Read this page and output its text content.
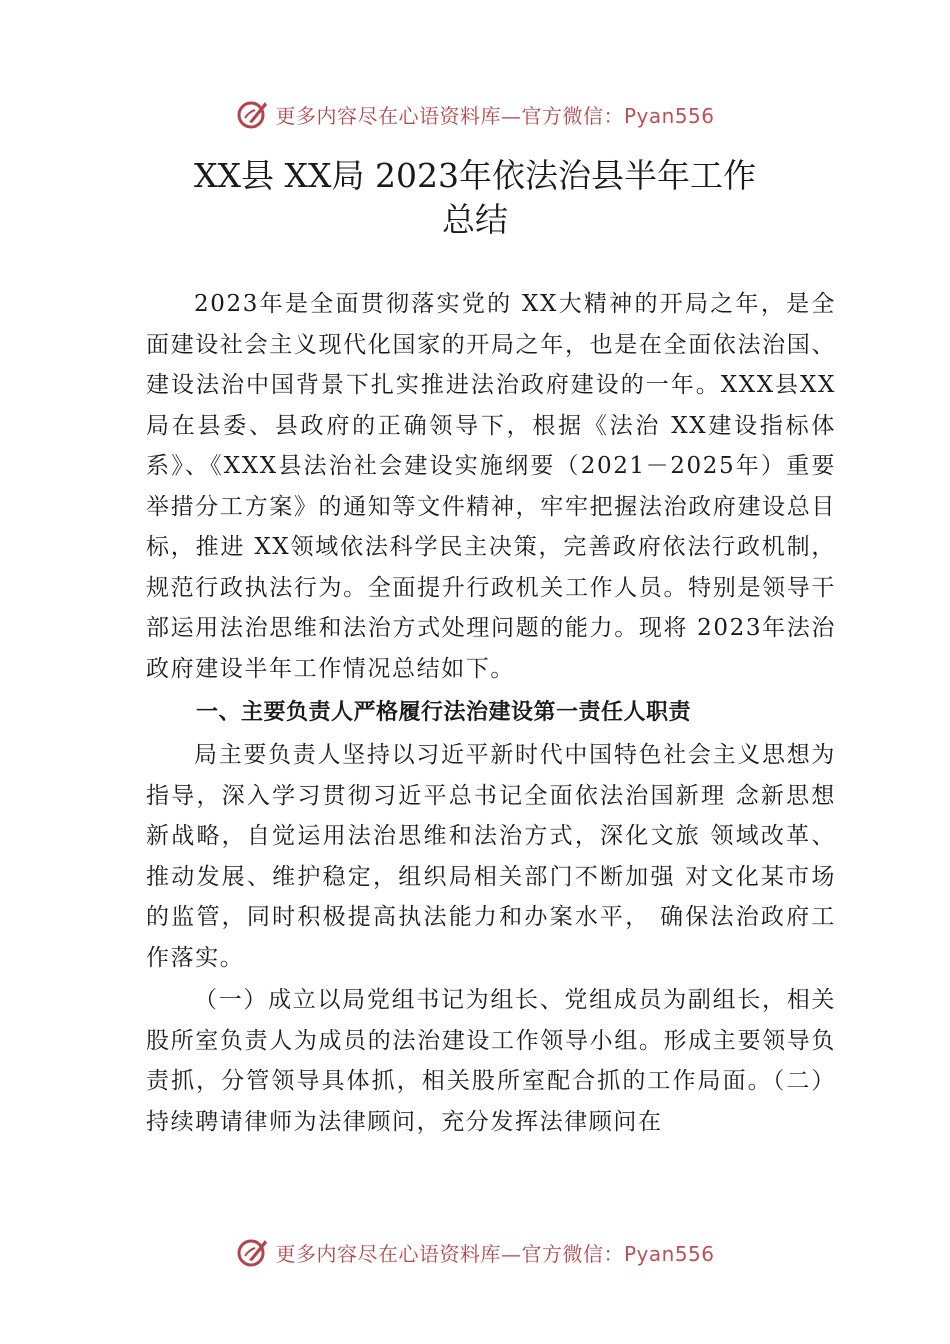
更多内容尽在心语资料库—官方微信：Pyan556
XX县 XX局 2023年依法治县半年工作
总结

2023年是全面贯彻落实党的 XX大精神的开局之年，是全面建设社会主义现代化国家的开局之年，也是在全面依法治国、建设法治中国背景下扎实推进法治政府建设的一年。XXX县XX局在县委、县政府的正确领导下，根据《法治 XX建设指标体系》、《XXX县法治社会建设实施纲要（2021－2025年）重要举措分工方案》的通知等文件精神，牢牢把握法治政府建设总目标，推进 XX领域依法科学民主决策，完善政府依法行政机制，规范行政执法行为。全面提升行政机关工作人员。特别是领导干部运用法治思维和法治方式处理问题的能力。现将 2023年法治政府建设半年工作情况总结如下。

一、主要负责人严格履行法治建设第一责任人职责

局主要负责人坚持以习近平新时代中国特色社会主义思想为指导，深入学习贯彻习近平总书记全面依法治国新理 念新思想新战略，自觉运用法治思维和法治方式，深化文旅 领域改革、推动发展、维护稳定，组织局相关部门不断加强 对文化某市场的监管，同时积极提高执法能力和办案水平， 确保法治政府工作落实。

（一）成立以局党组书记为组长、党组成员为副组长，相关股所室负责人为成员的法治建设工作领导小组。形成主要领导负责抓，分管领导具体抓，相关股所室配合抓的工作局面。（二）持续聘请律师为法律顾问，充分发挥法律顾问在

更多内容尽在心语资料库—官方微信：Pyan556
